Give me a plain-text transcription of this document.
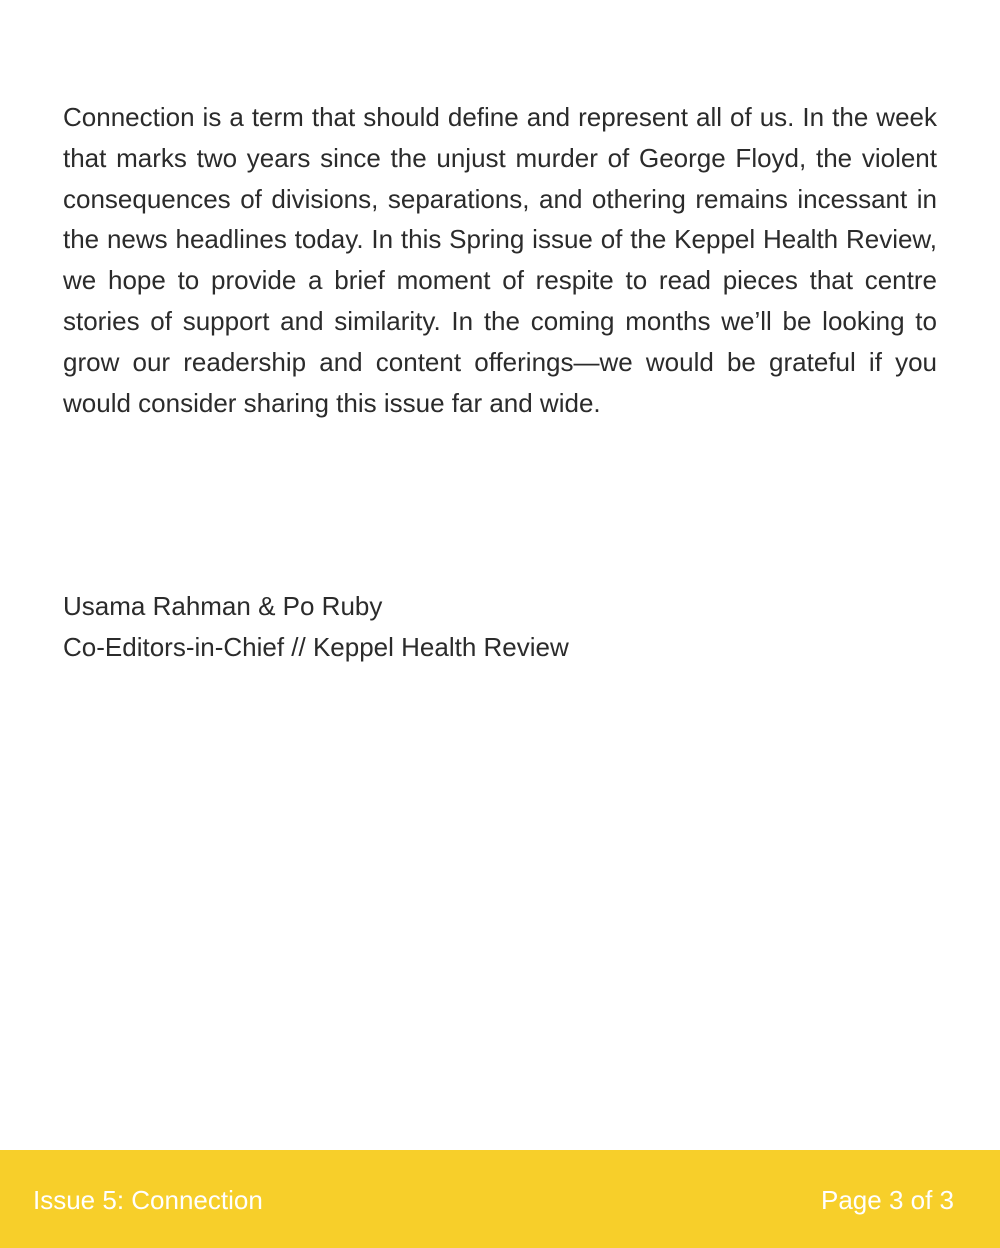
Connection is a term that should define and represent all of us. In the week that marks two years since the unjust murder of George Floyd, the violent consequences of divisions, separations, and othering remains incessant in the news headlines today. In this Spring issue of the Keppel Health Review, we hope to provide a brief moment of respite to read pieces that centre stories of support and similarity. In the coming months we’ll be looking to grow our readership and content offerings—we would be grateful if you would consider sharing this issue far and wide.

Usama Rahman & Po Ruby
Co-Editors-in-Chief // Keppel Health Review
Issue 5: Connection	Page 3 of 3
